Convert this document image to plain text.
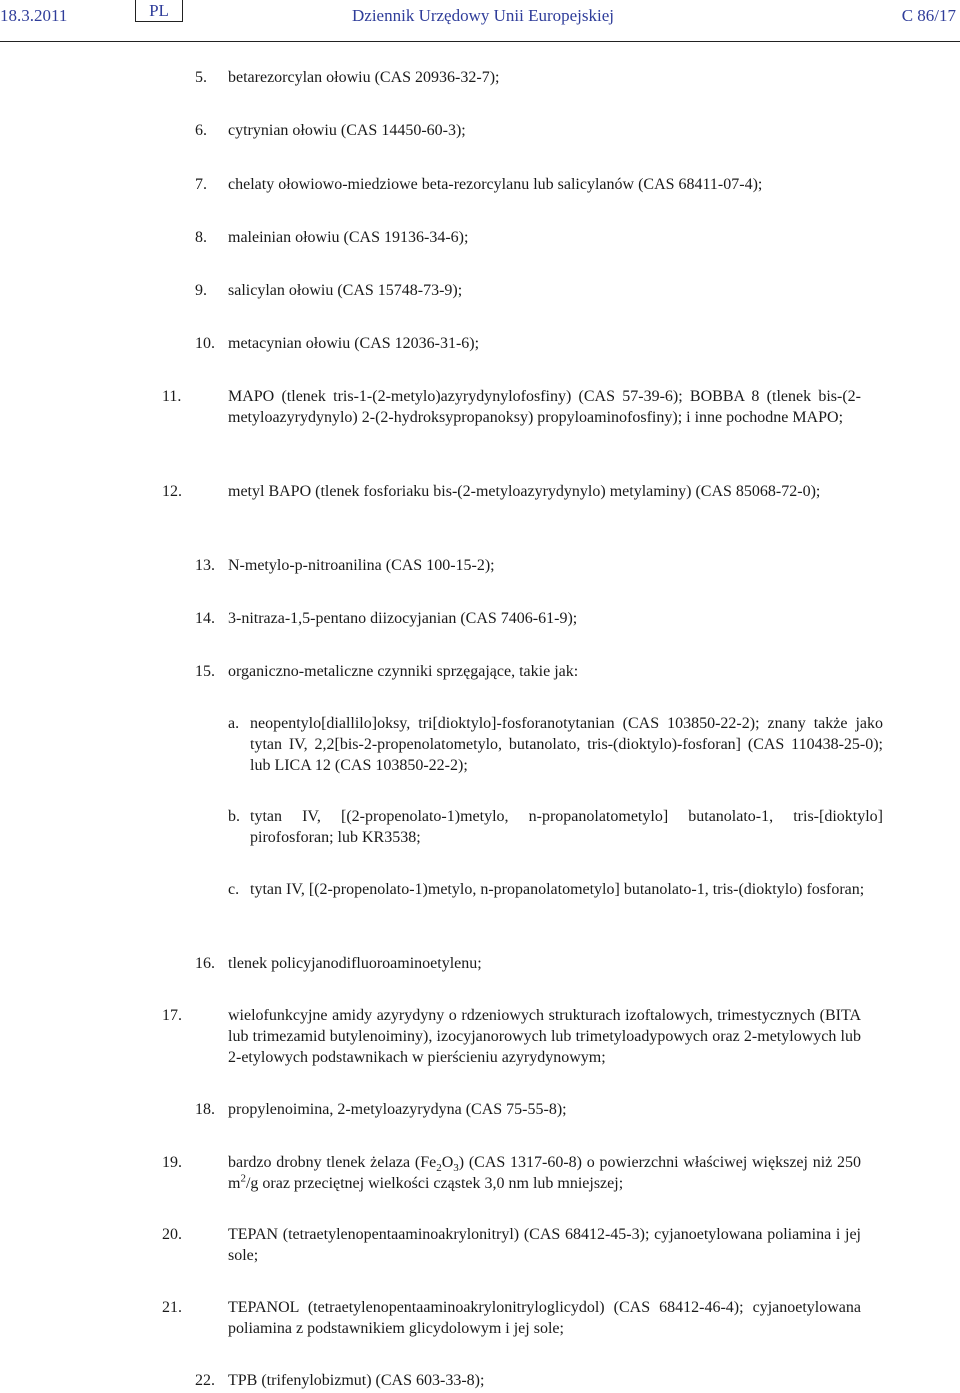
18.3.2011	PL	Dziennik Urzędowy Unii Europejskiej	C 86/17
5. betarezorcylan ołowiu (CAS 20936-32-7);
6. cytrynian ołowiu (CAS 14450-60-3);
7. chelaty ołowiowo-miedziowe beta-rezorcylanu lub salicylanów (CAS 68411-07-4);
8. maleinian ołowiu (CAS 19136-34-6);
9. salicylan ołowiu (CAS 15748-73-9);
10. metacynian ołowiu (CAS 12036-31-6);
11.	MAPO (tlenek tris-1-(2-metylo)azyrydynylofosfiny) (CAS 57-39-6); BOBBA 8 (tlenek bis-(2-metyloazyrydynylo) 2-(2-hydroksypropanoksy) propyloaminofosfiny); i inne pochodne MAPO;
12.	metyl BAPO (tlenek fosforiaku bis-(2-metyloazyrydynylo) metylaminy) (CAS 85068-72-0);
13. N-metylo-p-nitroanilina (CAS 100-15-2);
14. 3-nitraza-1,5-pentano diizocyjanian (CAS 7406-61-9);
15. organiczno-metaliczne czynniki sprzęgające, takie jak:
a. neopentylo[diallilo]oksy, tri[dioktylo]-fosforanotytanian (CAS 103850-22-2); znany także jako tytan IV, 2,2[bis-2-propenolatometylo, butanolato, tris-(dioktylo)-fosforan] (CAS 110438-25-0); lub LICA 12 (CAS 103850-22-2);
b. tytan IV, [(2-propenolato-1)metylo, n-propanolatometylo] butanolato-1, tris-[dioktylo] pirofosforan; lub KR3538;
c. tytan IV, [(2-propenolato-1)metylo, n-propanolatometylo] butanolato-1, tris-(dioktylo) fosforan;
16. tlenek policyjanodifluoroaminoetylenu;
17.	wielofunkcyjne amidy azyrydyny o rdzeniowych strukturach izoftalowych, trimestycznych (BITA lub trimezamid butylenoiminy), izocyjanorowych lub trimetyloadypowych oraz 2-metylowych lub 2-etylowych podstawnikach w pierścieniu azyrydynowym;
18. propylenoimina, 2-metyloazyrydyna (CAS 75-55-8);
19.	bardzo drobny tlenek żelaza $(Fe_2O_3)$ (CAS 1317-60-8) o powierzchni właściwej większej niż 250 $m^2/g$ oraz przeciętnej wielkości cząstek 3,0 nm lub mniejszej;
20.	TEPAN (tetraetylenopentaaminoakrylonitryl) (CAS 68412-45-3); cyjanoetylowana poliamina i jej sole;
21.	TEPANOL (tetraetylenopentaaminoakrylonitryloglicydol) (CAS 68412-46-4); cyjanoetylowana poliamina z podstawnikiem glicydolowym i jej sole;
22. TPB (trifenylobizmut) (CAS 603-33-8);
